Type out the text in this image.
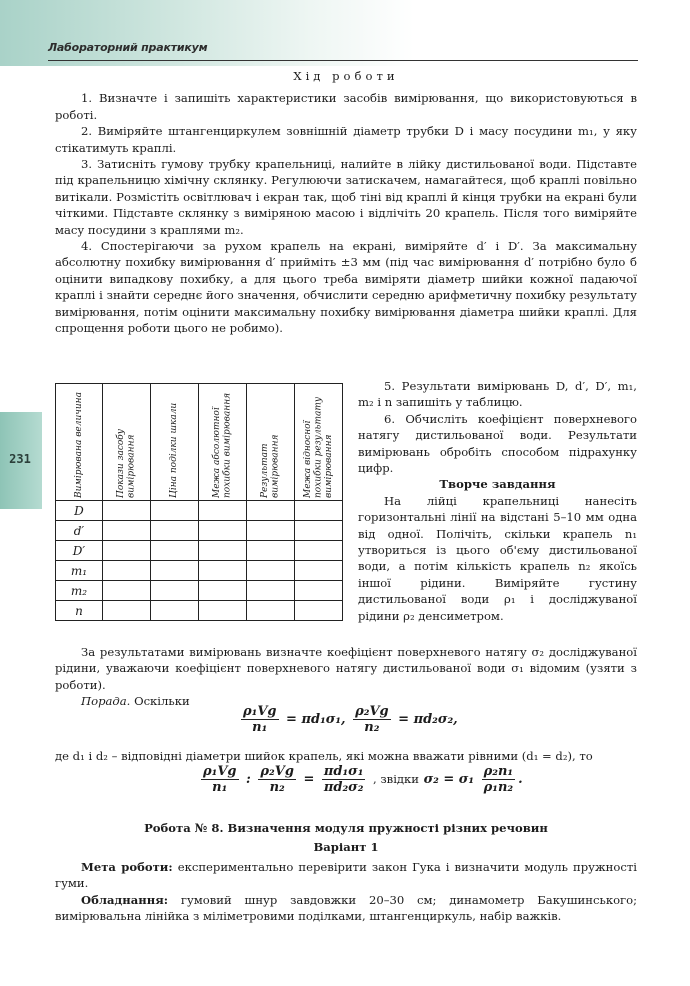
Лабораторний практикум
231

Хід роботи

1. Визначте і запишіть характеристики засобів вимірювання, що використовуються в роботі.

2. Виміряйте штангенциркулем зовнішній діаметр трубки D і масу посудини m₁, у яку стікатимуть краплі.

3. Затисніть гумову трубку крапельниці, налийте в лійку дистильованої води. Підставте під крапельницю хімічну склянку. Регулюючи затискачем, намагайтеся, щоб краплі повільно витікали. Розмістіть освітлювач і екран так, щоб тіні від краплі й кінця трубки на екрані були чіткими. Підставте склянку з виміряною масою і відлічіть 20 крапель. Після того виміряйте масу посудини з краплями m₂.

4. Спостерігаючи за рухом крапель на екрані, виміряйте d′ і D′. За максимальну абсолютну похибку вимірювання d′ прийміть ±3 мм (під час вимірювання d′ потрібно було б оцінити випадкову похибку, а для цього треба виміряти діаметр шийки кожної падаючої краплі і знайти середнє його значення, обчислити середню арифметичну похибку результату вимірювання, потім оцінити максимальну похибку вимірювання діаметра шийки краплі. Для спрощення роботи цього не робимо).

Вимірювана величина	Покази засобу вимірювання	Ціна поділки шкали	Межа абсолютної похибки вимірювання	Результат вимірювання	Межа відносної похибки результату вимірювання

D					
d′					
D′					
m₁					
m₂					
n					

5. Результати вимірювань D, d′, D′, m₁, m₂ і n запишіть у таблицю.

6. Обчисліть коефіцієнт поверхневого натягу дистильованої води. Результати вимірювань обробіть способом підрахунку цифр.

Творче завдання

На лійці крапельниці нанесіть горизонтальні лінії на відстані 5–10 мм одна від одної. Полічіть, скільки крапель n₁ утвориться із цього об'єму дистильованої води, а потім кількість крапель n₂ якоїсь іншої рідини. Виміряйте густину дистильованої води ρ₁ і досліджуваної рідини ρ₂ денсиметром.

За результатами вимірювань визначте коефіцієнт поверхневого натягу σ₂ досліджуваної рідини, уважаючи коефіцієнт поверхневого натягу дистильованої води σ₁ відомим (узяти з роботи).

Порада. Оскільки

$\frac{\text{ρ₁Vg}}{\text{n₁}} = \pi d_1\sigma_1$, $\frac{\text{ρ₂Vg}}{\text{n₂}} = \pi d_2\sigma_2$,

де d₁ і d₂ – відповідні діаметри шийок крапель, які можна вважати рівними (d₁ = d₂), то

$\frac{\text{ρ₁Vg}}{\text{n₁}}$ : $\frac{\text{ρ₂Vg}}{\text{n₂}} = \frac{\text{πd₁σ₁}}{\text{πd₂σ₂}}$ , звідки $\sigma_2 = \sigma_1 \frac{\text{ρ₂n₁}}{\text{ρ₁n₂}}$ .

Робота № 8. Визначення модуля пружності різних речовин

Варіант 1

Мета роботи: експериментально перевірити закон Гука і визначити модуль пружності гуми.

Обладнання: гумовий шнур завдовжки 20–30 см; динамометр Бакушинського; вимірювальна лінійка з міліметровими поділками, штангенциркуль, набір важків.
